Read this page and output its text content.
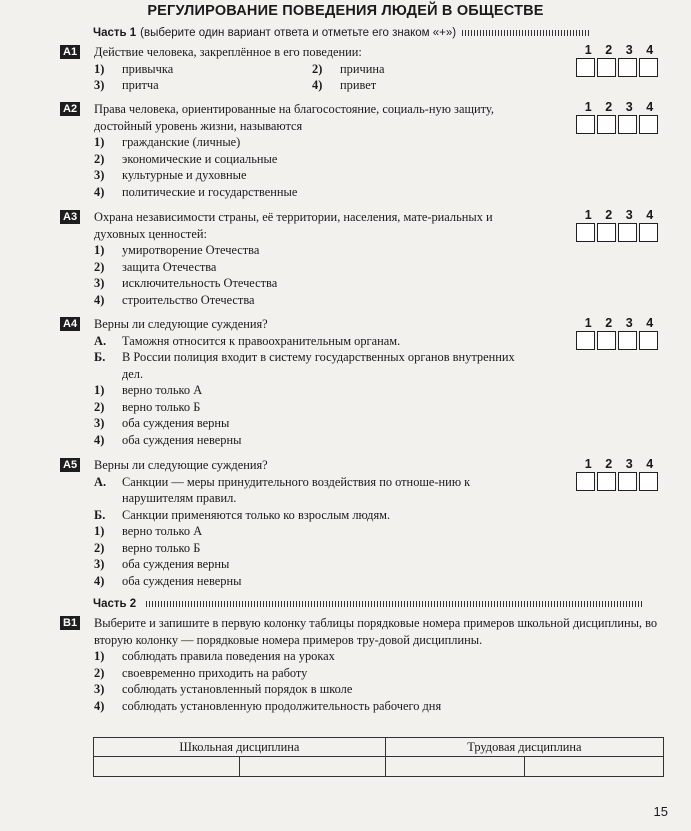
РЕГУЛИРОВАНИЕ ПОВЕДЕНИЯ ЛЮДЕЙ В ОБЩЕСТВЕ
Часть 1 (выберите один вариант ответа и отметьте его знаком «+»)
A1 Действие человека, закреплённое в его поведении:
1)	привычка	2)	причина
3)	притча	4)	привет
1 2 3 4
A2 Права человека, ориентированные на благосостояние, социаль-ную защиту, достойный уровень жизни, называются
1)	гражданские (личные)
2)	экономические и социальные
3)	культурные и духовные
4)	политические и государственные
1 2 3 4
A3 Охрана независимости страны, её территории, населения, мате-риальных и духовных ценностей:
1)	умиротворение Отечества
2)	защита Отечества
3)	исключительность Отечества
4)	строительство Отечества
1 2 3 4
A4 Верны ли следующие суждения?
А.	Таможня относится к правоохранительным органам.
Б.	В России полиция входит в систему государственных органов внутренних дел.
1)	верно только А
2)	верно только Б
3)	оба суждения верны
4)	оба суждения неверны
1 2 3 4
A5 Верны ли следующие суждения?
А.	Санкции — меры принудительного воздействия по отноше-нию к нарушителям правил.
Б.	Санкции применяются только ко взрослым людям.
1)	верно только А
2)	верно только Б
3)	оба суждения верны
4)	оба суждения неверны
1 2 3 4
Часть 2
B1 Выберите и запишите в первую колонку таблицы порядковые номера примеров школьной дисциплины, во вторую колонку — порядковые номера примеров тру-довой дисциплины.
1)	соблюдать правила поведения на уроках
2)	своевременно приходить на работу
3)	соблюдать установленный порядок в школе
4)	соблюдать установленную продолжительность рабочего дня
Школьная дисциплина		Трудовая дисциплина	

15
